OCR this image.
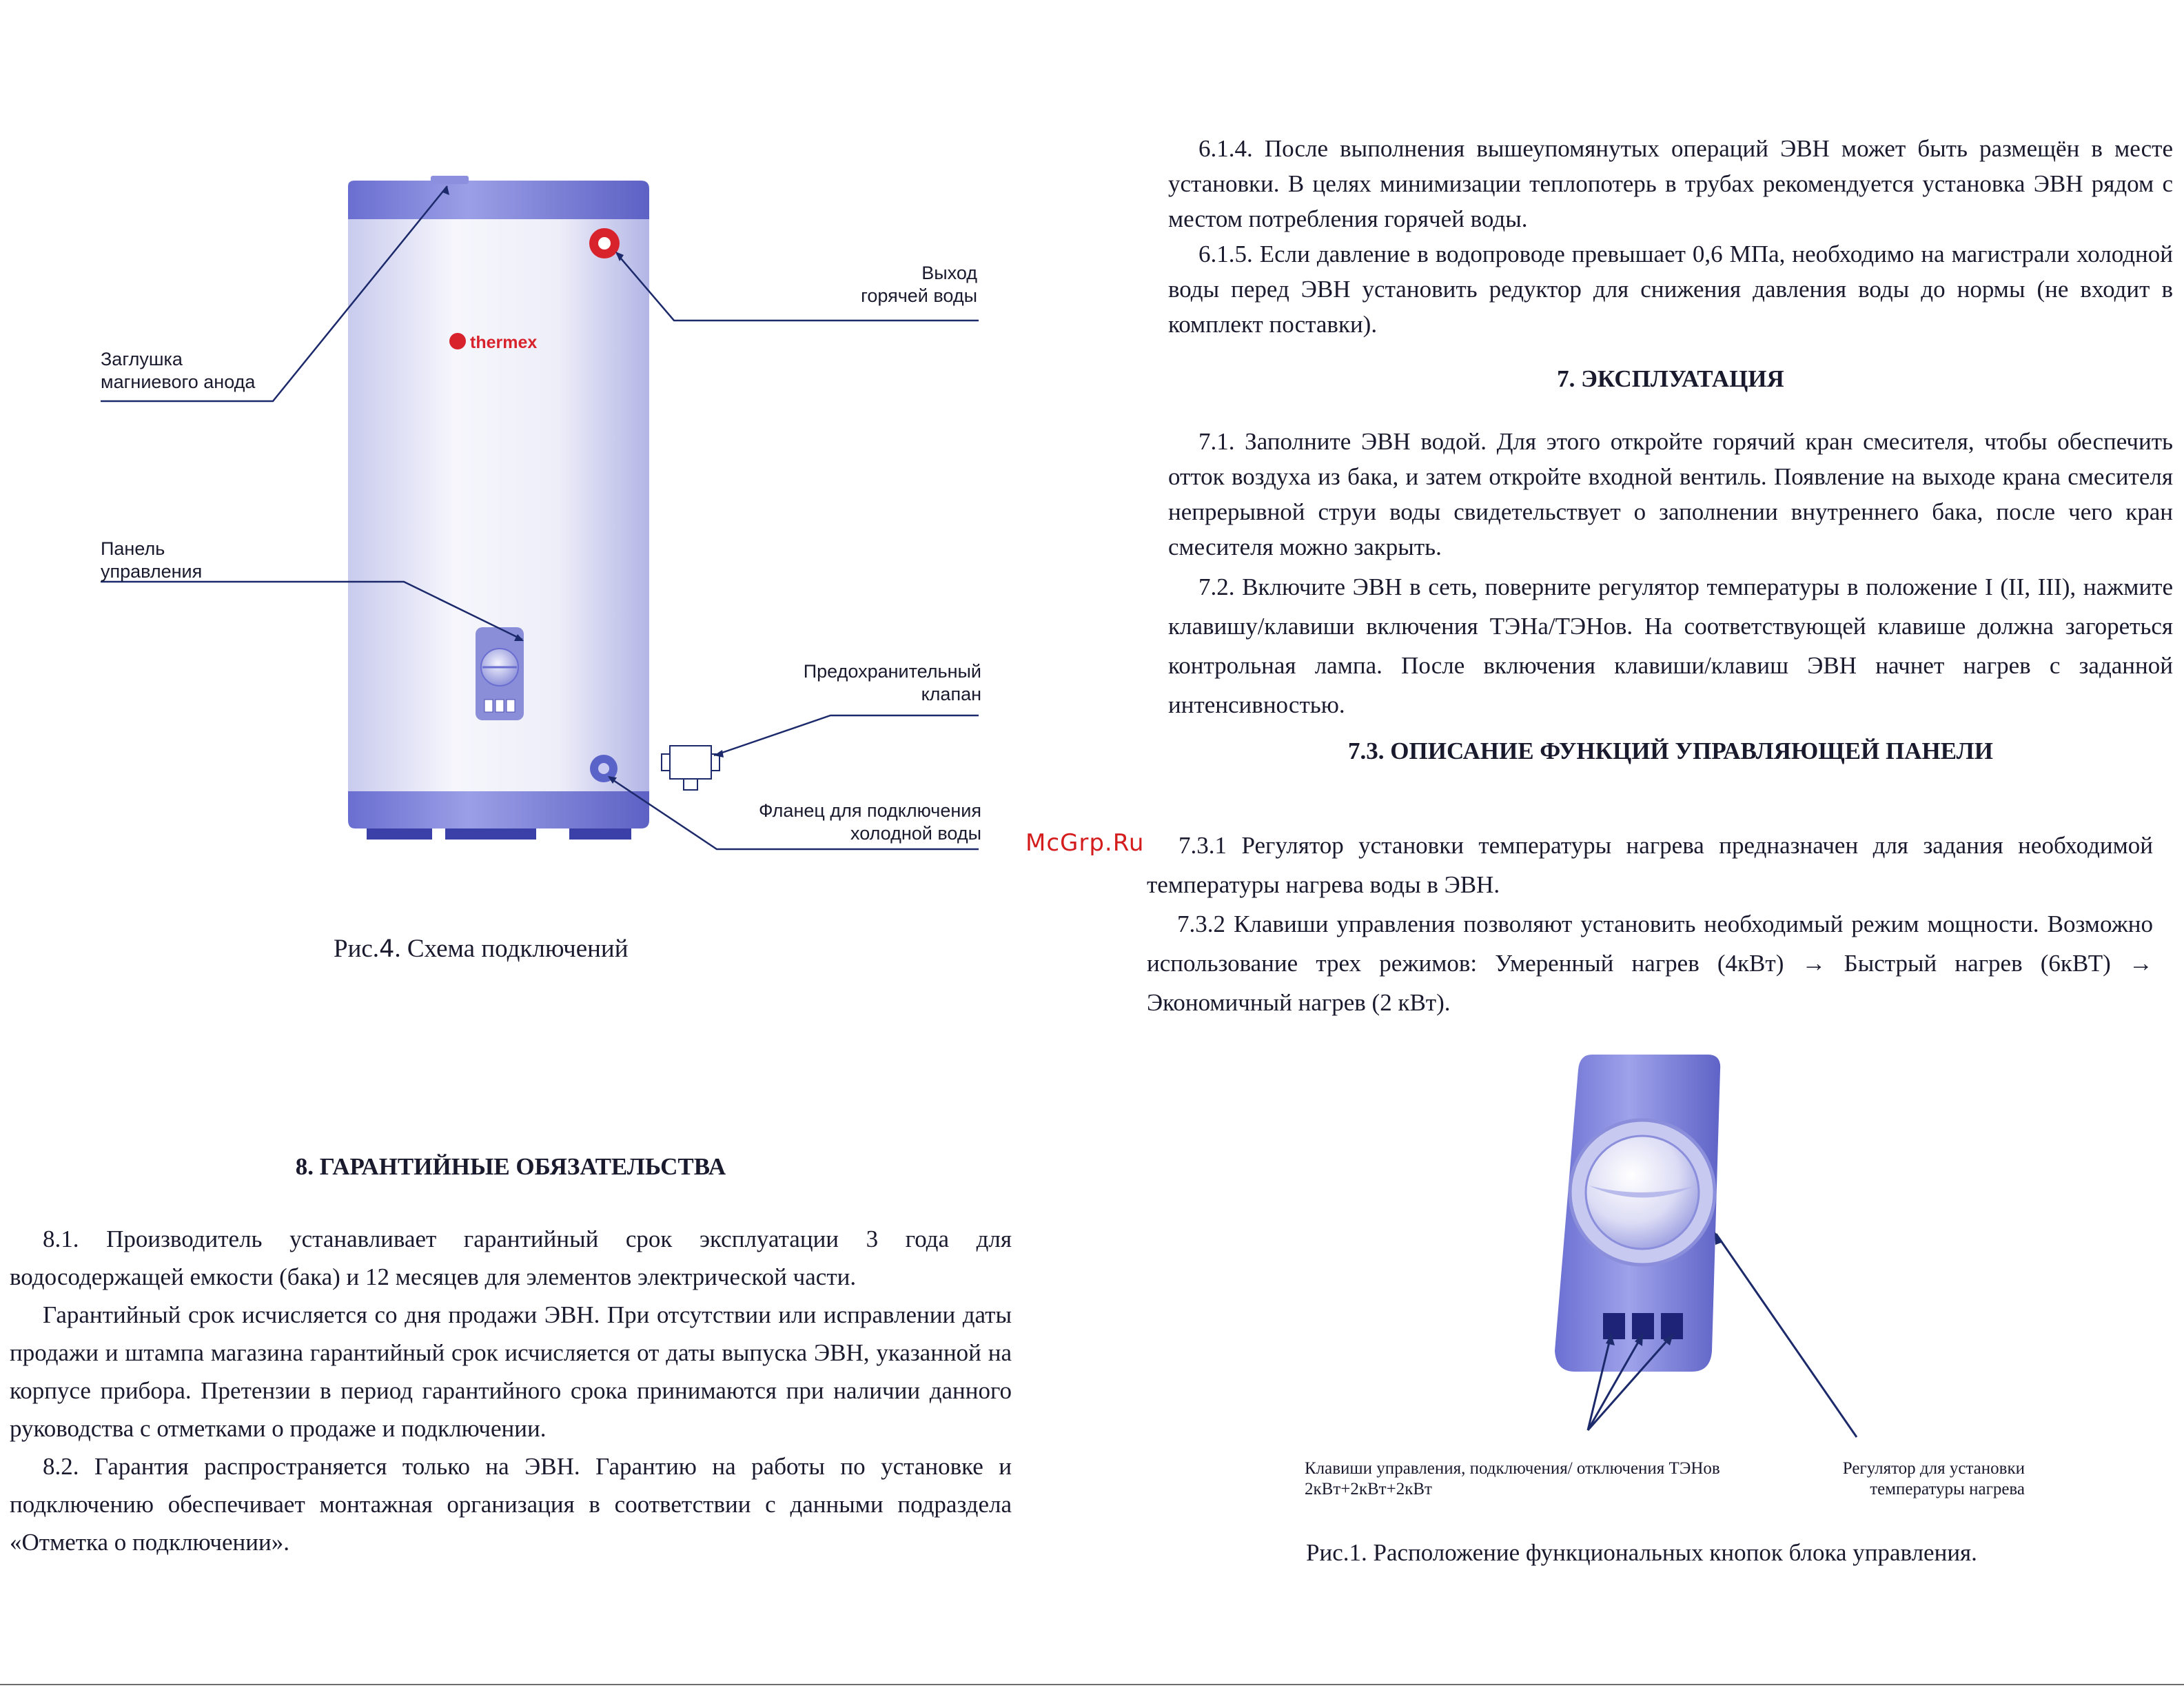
thermex
Выход
горячей воды
Заглушка
магниевого анода
Панель
управления
Предохранительный
клапан
Фланец для подключения
холодной воды
Рис.4. Схема подключений

6.1.4. После выполнения вышеупомянутых операций ЭВН может быть размещён в месте установки. В целях минимизации теплопотерь в трубах рекомендуется установка ЭВН рядом с местом потребления горячей воды.

6.1.5. Если давление в водопроводе превышает 0,6 МПа, необходимо на магистрали холодной воды перед ЭВН установить редуктор для снижения давления воды до нормы (не входит в комплект поставки).

7. ЭКСПЛУАТАЦИЯ

7.1. Заполните ЭВН водой. Для этого откройте горячий кран смесителя, чтобы обеспечить отток воздуха из бака, и затем откройте входной вентиль. Появление на выходе крана смесителя непрерывной струи воды свидетельствует о заполнении внутреннего бака, после чего кран смесителя можно закрыть.

7.2. Включите ЭВН в сеть, поверните регулятор температуры в положение I (II, III), нажмите клавишу/клавиши включения ТЭНа/ТЭНов. На соответствующей клавише должна загореться контрольная лампа. После включения клавиши/клавиш ЭВН начнет нагрев с заданной интенсивностью.

7.3. ОПИСАНИЕ ФУНКЦИЙ УПРАВЛЯЮЩЕЙ ПАНЕЛИ
McGrp.Ru	7.3.1 Регулятор установки температуры нагрева предназначен для задания необходимой температуры нагрева воды в ЭВН.

7.3.2 Клавиши управления позволяют установить необходимый режим мощности. Возможно использование трех режимов: Умеренный нагрев (4кВт) → Быстрый нагрев (6кВТ) → Экономичный нагрев (2 кВт).

Клавиши управления, подключения/ отключения ТЭНов
2кВт+2кВт+2кВт
Регулятор для установки
температуры нагрева
Рис.1. Расположение функциональных кнопок блока управления.
8. ГАРАНТИЙНЫЕ ОБЯЗАТЕЛЬСТВА

8.1. Производитель устанавливает гарантийный срок эксплуатации 3 года для водосодержащей емкости (бака) и 12 месяцев для элементов электрической части.

Гарантийный срок исчисляется со дня продажи ЭВН. При отсутствии или исправлении даты продажи и штампа магазина гарантийный срок исчисляется от даты выпуска ЭВН, указанной на корпусе прибора. Претензии в период гарантийного срока принимаются при наличии данного руководства с отметками о продаже и подключении.

8.2. Гарантия распространяется только на ЭВН. Гарантию на работы по установке и подключению обеспечивает монтажная организация в соответствии с данными подраздела «Отметка о подключении».
